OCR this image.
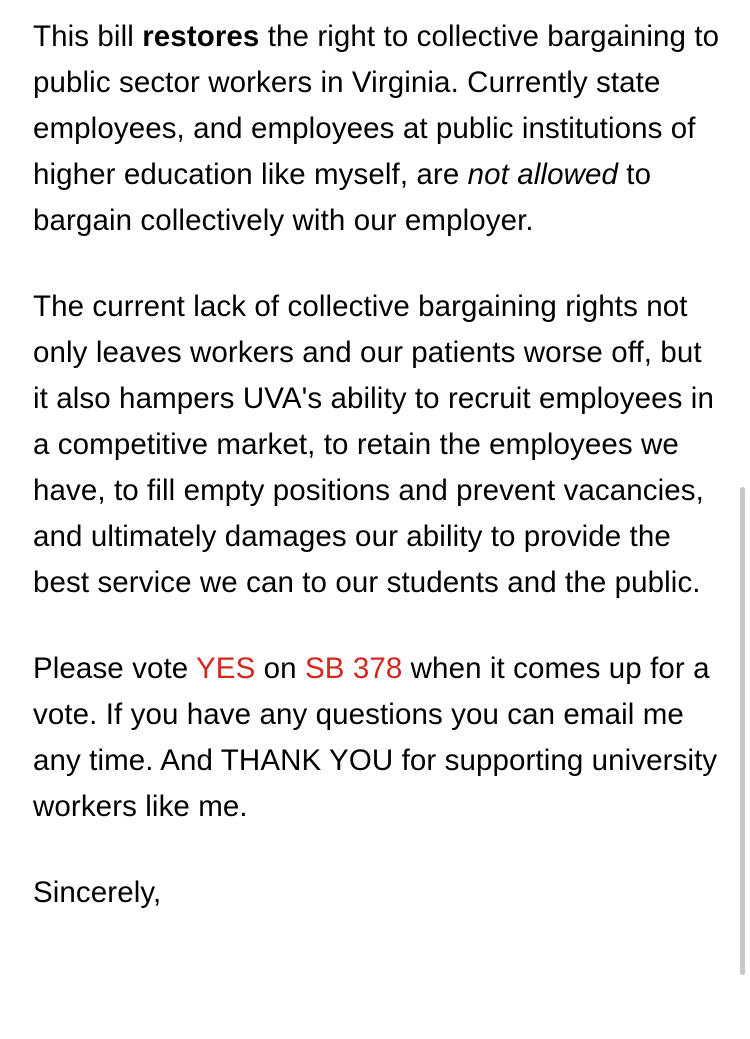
This bill restores the right to collective bargaining to public sector workers in Virginia. Currently state employees, and employees at public institutions of higher education like myself, are not allowed to bargain collectively with our employer.

The current lack of collective bargaining rights not only leaves workers and our patients worse off, but it also hampers UVA's ability to recruit employees in a competitive market, to retain the employees we have, to fill empty positions and prevent vacancies, and ultimately damages our ability to provide the best service we can to our students and the public.

Please vote YES on SB 378 when it comes up for a vote. If you have any questions you can email me any time. And THANK YOU for supporting university workers like me.

Sincerely,
